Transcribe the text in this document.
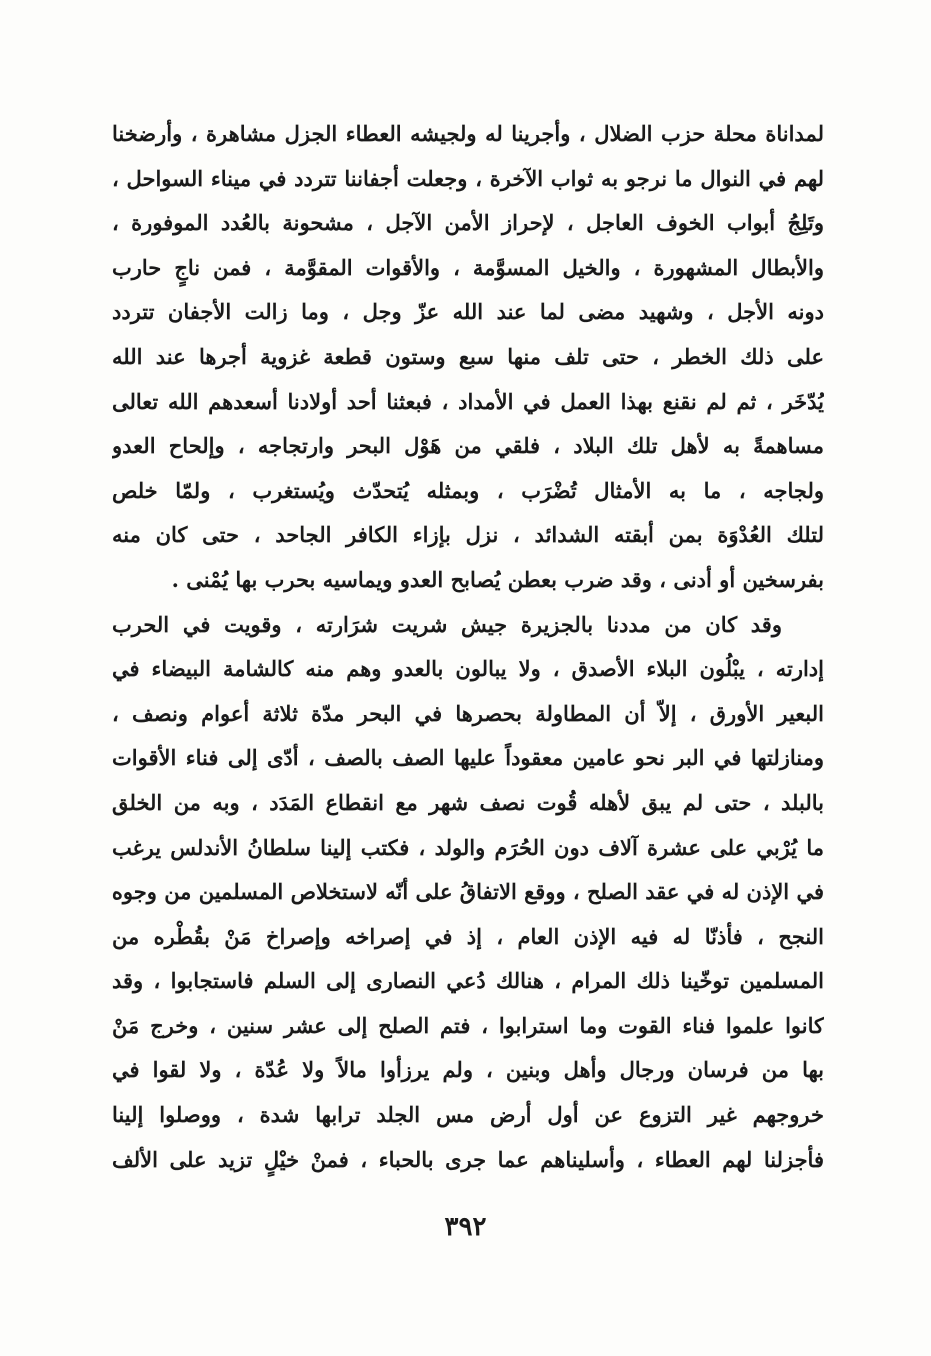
لمداناة محلة حزب الضلال ، وأجرينا له ولجيشه العطاء الجزل مشاهرة ، وأرضخنا
لهم في النوال ما نرجو به ثواب الآخرة ، وجعلت أجفاننا تتردد في ميناء السواحل ،
وتَلِجُ أبواب الخوف العاجل ، لإحراز الأمن الآجل ، مشحونة بالعُدد الموفورة ،
والأبطال المشهورة ، والخيل المسوَّمة ، والأقوات المقوَّمة ، فمن ناجٍ حارب
دونه الأجل ، وشهيد مضى لما عند الله عزّ وجل ، وما زالت الأجفان تتردد
على ذلك الخطر ، حتى تلف منها سبع وستون قطعة غزوية أجرها عند الله
يُدّخَر ، ثم لم نقنع بهذا العمل في الأمداد ، فبعثنا أحد أولادنا أسعدهم الله تعالى
مساهمةً به لأهل تلك البلاد ، فلقي من هَوْل البحر وارتجاجه ، وإلحاح العدو
ولجاجه ، ما به الأمثال تُضْرَب ، وبمثله يُتحدّث ويُستغرب ، ولمّا خلص
لتلك العُدْوَة بمن أبقته الشدائد ، نزل بإزاء الكافر الجاحد ، حتى كان منه
بفرسخين أو أدنى ، وقد ضرب بعطن يُصابح العدو ويماسيه بحرب بها يُمْنى .
وقد كان من مددنا بالجزيرة جيش شريت شرَارته ، وقويت في الحرب
إدارته ، يبْلُون البلاء الأصدق ، ولا يبالون بالعدو وهم منه كالشامة البيضاء في
البعير الأورق ، إلاّ أن المطاولة بحصرها في البحر مدّة ثلاثة أعوام ونصف ،
ومنازلتها في البر نحو عامين معقوداً عليها الصف بالصف ، أدّى إلى فناء الأقوات
بالبلد ، حتى لم يبق لأهله قُوت نصف شهر مع انقطاع المَدَد ، وبه من الخلق
ما يُرْبي على عشرة آلاف دون الحُرَم والولد ، فكتب إلينا سلطانُ الأندلس يرغب
في الإذن له في عقد الصلح ، ووقع الاتفاقُ على أنّه لاستخلاص المسلمين من وجوه
النجح ، فأذنّا له فيه الإذن العام ، إذ في إصراخه وإصراخ مَنْ بقُطْره من
المسلمين توخّينا ذلك المرام ، هنالك دُعي النصارى إلى السلم فاستجابوا ، وقد
كانوا علموا فناء القوت وما استرابوا ، فتم الصلح إلى عشر سنين ، وخرج مَنْ
بها من فرسان ورجال وأهل وبنين ، ولم يرزأوا مالاً ولا عُدّة ، ولا لقوا في
خروجهم غير التزوع عن أول أرض مس الجلد ترابها شدة ، ووصلوا إلينا
فأجزلنا لهم العطاء ، وأسليناهم عما جرى بالحباء ، فمنْ خيْلٍ تزيد على الألف
٣٩٢
